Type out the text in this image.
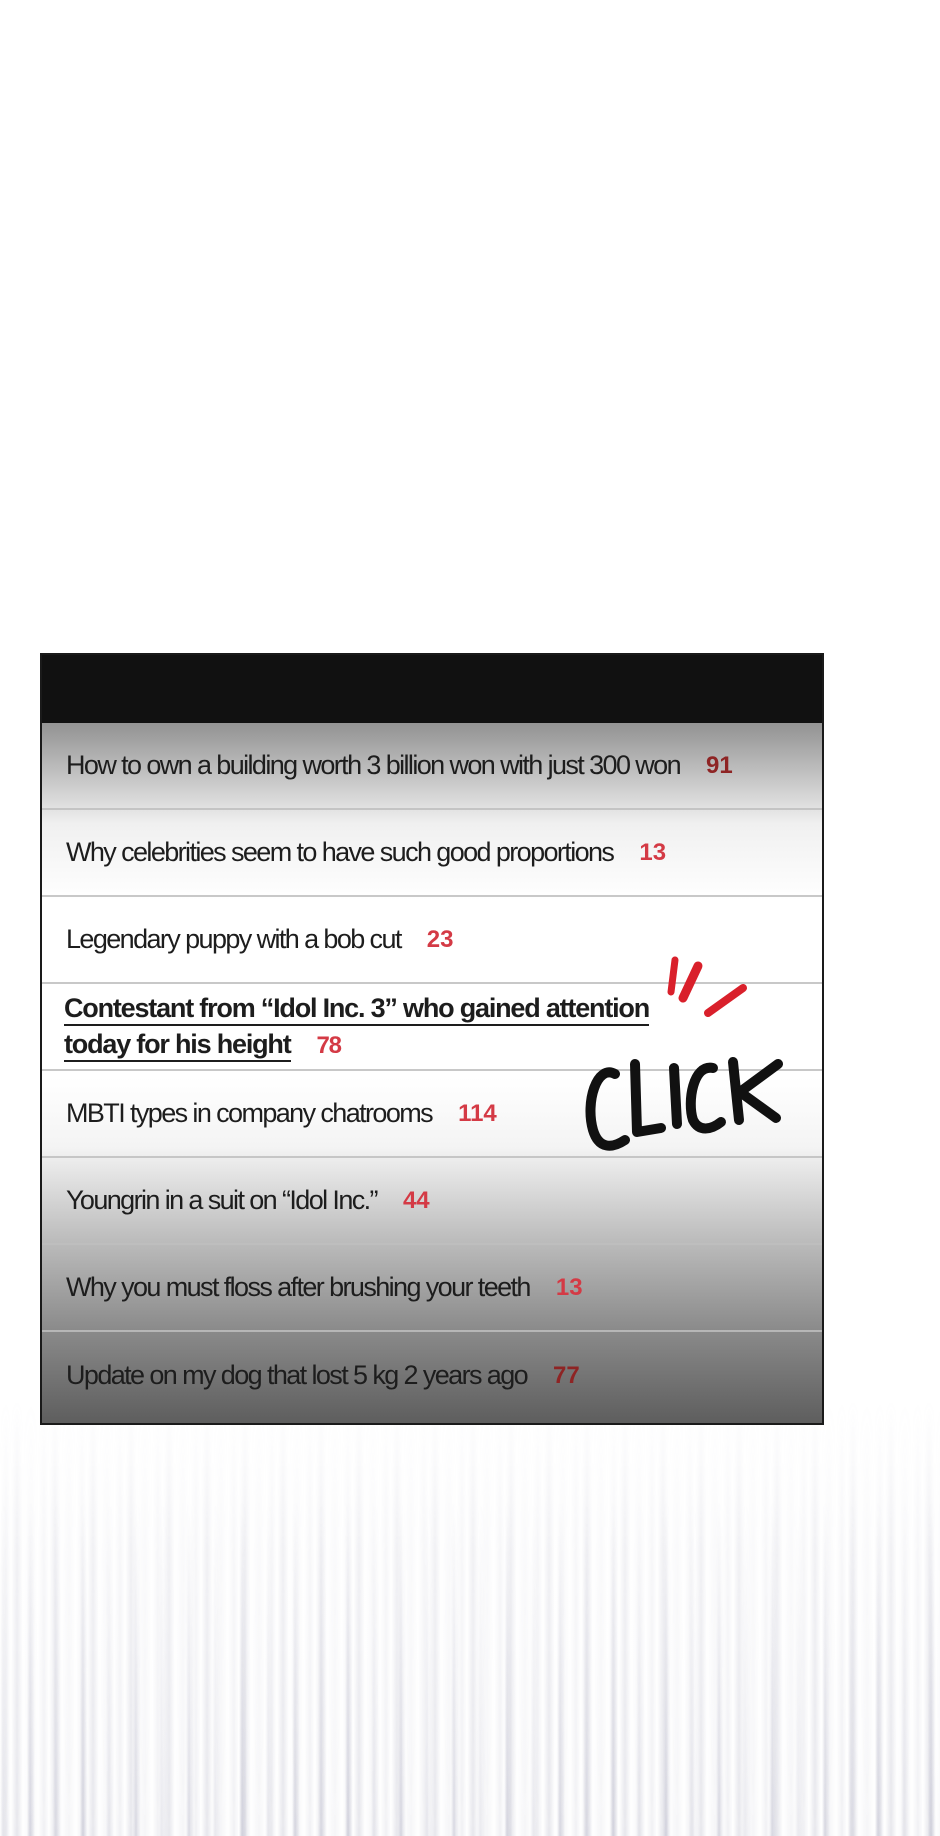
How to own a building worth 3 billion won with just 300 won 91
Why celebrities seem to have such good proportions 13
Legendary puppy with a bob cut 23
Contestant from “Idol Inc. 3” who gained attention
today for his height 78
MBTI types in company chatrooms 114
Youngrin in a suit on “Idol Inc.” 44
Why you must floss after brushing your teeth 13
Update on my dog that lost 5 kg 2 years ago 77
